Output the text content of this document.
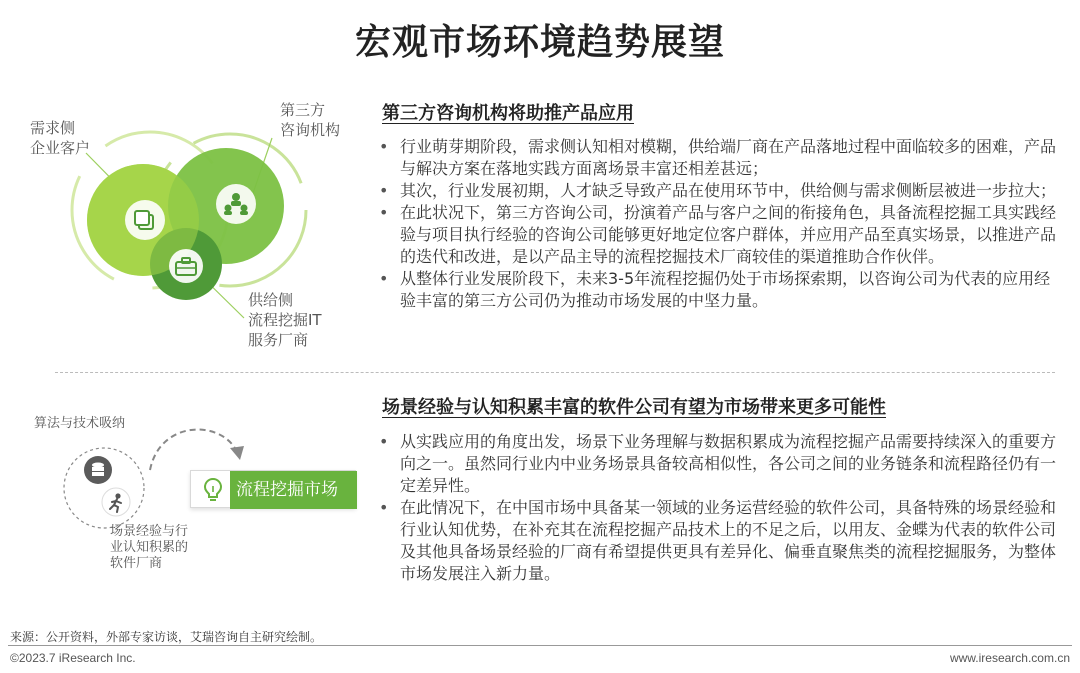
宏观市场环境趋势展望
需求侧
企业客户
第三方
咨询机构
供给侧
流程挖掘IT
服务厂商
第三方咨询机构将助推产品应用
• 行业萌芽期阶段，需求侧认知相对模糊，供给端厂商在产品落地过程中面临较多的困难，产品与解决方案在落地实践方面离场景丰富还相差甚远；
• 其次，行业发展初期，人才缺乏导致产品在使用环节中，供给侧与需求侧断层被进一步拉大；
• 在此状况下，第三方咨询公司，扮演着产品与客户之间的衔接角色，具备流程挖掘工具实践经验与项目执行经验的咨询公司能够更好地定位客户群体，并应用产品至真实场景，以推进产品的迭代和改进，是以产品主导的流程挖掘技术厂商较佳的渠道推助合作伙伴。
• 从整体行业发展阶段下，未来3-5年流程挖掘仍处于市场探索期，以咨询公司为代表的应用经验丰富的第三方公司仍为推动市场发展的中坚力量。
算法与技术吸纳
场景经验与行
业认知积累的
软件厂商
流程挖掘市场
场景经验与认知积累丰富的软件公司有望为市场带来更多可能性
• 从实践应用的角度出发，场景下业务理解与数据积累成为流程挖掘产品需要持续深入的重要方向之一。虽然同行业内中业务场景具备较高相似性，各公司之间的业务链条和流程路径仍有一定差异性。
• 在此情况下，在中国市场中具备某一领域的业务运营经验的软件公司，具备特殊的场景经验和行业认知优势，在补充其在流程挖掘产品技术上的不足之后，以用友、金蝶为代表的软件公司及其他具备场景经验的厂商有希望提供更具有差异化、偏垂直聚焦类的流程挖掘服务，为整体市场发展注入新力量。
来源：公开资料，外部专家访谈，艾瑞咨询自主研究绘制。
©2023.7 iResearch Inc.	www.iresearch.com.cn
